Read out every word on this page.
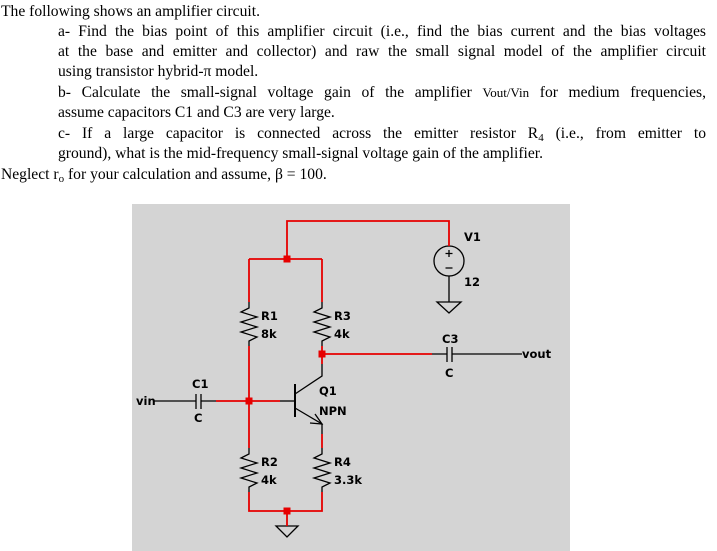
The following shows an amplifier circuit.
a- Find the bias point of this amplifier circuit (i.e., find the bias current and the bias voltages
at the base and emitter and collector) and raw the small signal model of the amplifier circuit
using transistor hybrid-π model.
b- Calculate the small-signal voltage gain of the amplifier Vout/Vin for medium frequencies,
assume capacitors C1 and C3 are very large.
c- If a large capacitor is connected across the emitter resistor $R_4$ (i.e., from emitter to
ground), what is the mid-frequency small-signal voltage gain of the amplifier.
Neglect $r_o$ for your calculation and assume, β = 100.
V1
12
R1
8k
R3
4k
R2
4k
R4
3.3k
C1
C
C3
C
Q1
NPN
vin
vout
